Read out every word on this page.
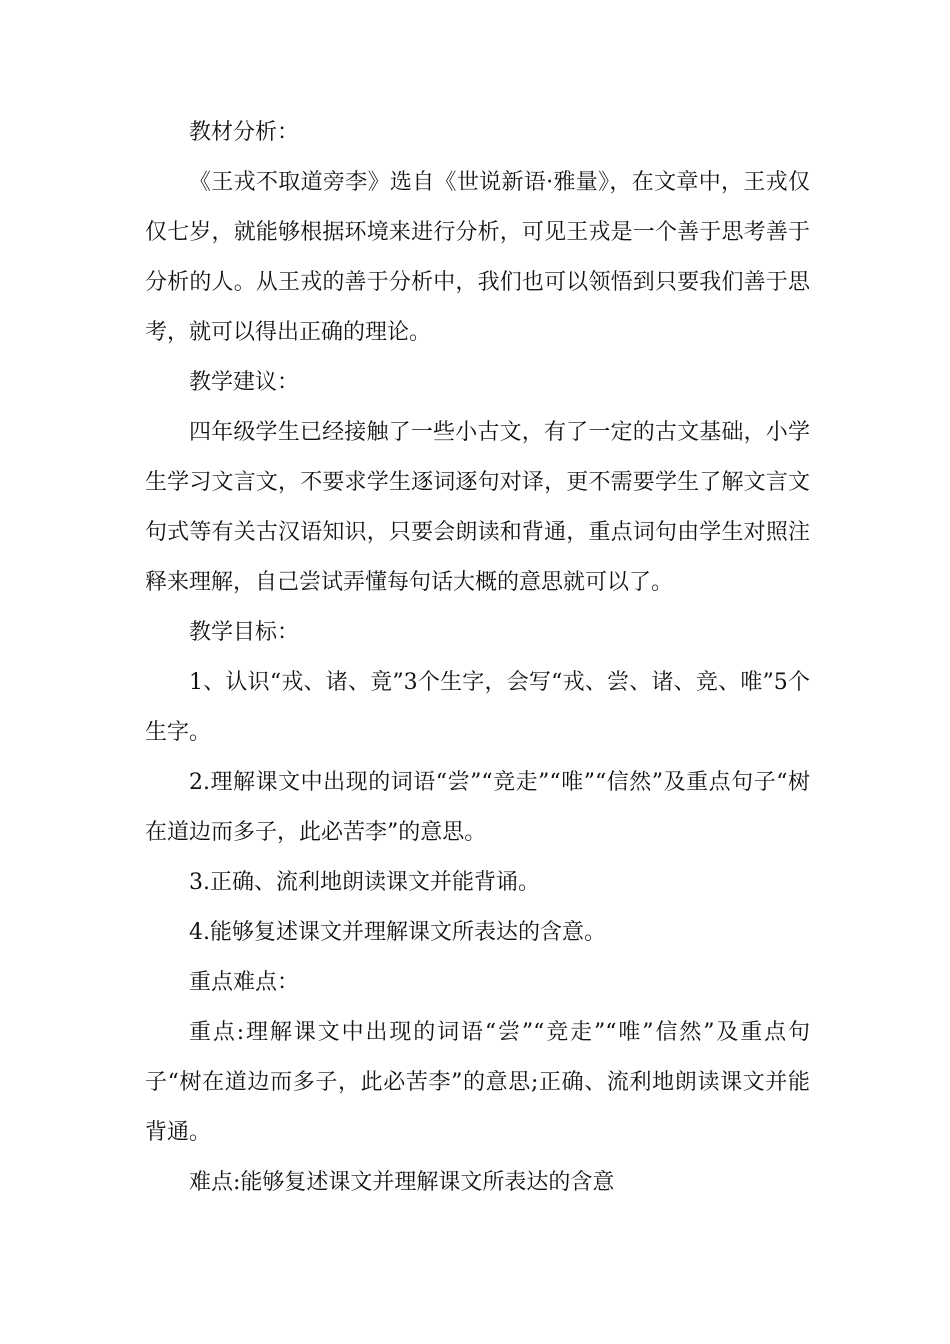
教材分析：

《王戎不取道旁李》选自《世说新语·雅量》，在文章中，王戎仅仅七岁，就能够根据环境来进行分析，可见王戎是一个善于思考善于分析的人。从王戎的善于分析中，我们也可以领悟到只要我们善于思考，就可以得出正确的理论。

教学建议：

四年级学生已经接触了一些小古文，有了一定的古文基础，小学生学习文言文，不要求学生逐词逐句对译，更不需要学生了解文言文句式等有关古汉语知识，只要会朗读和背通，重点词句由学生对照注释来理解，自己尝试弄懂每句话大概的意思就可以了。

教学目标：

1、认识“戎、诸、竟”3个生字，会写“戎、尝、诸、竞、唯”5个生字。

2.理解课文中出现的词语“尝”“竞走”“唯”“信然”及重点句子“树在道边而多子，此必苦李”的意思。

3.正确、流利地朗读课文并能背诵。

4.能够复述课文并理解课文所表达的含意。

重点难点：

重点:理解课文中出现的词语“尝”“竞走”“唯”信然”及重点句子“树在道边而多子，此必苦李”的意思;正确、流利地朗读课文并能背通。

难点:能够复述课文并理解课文所表达的含意
